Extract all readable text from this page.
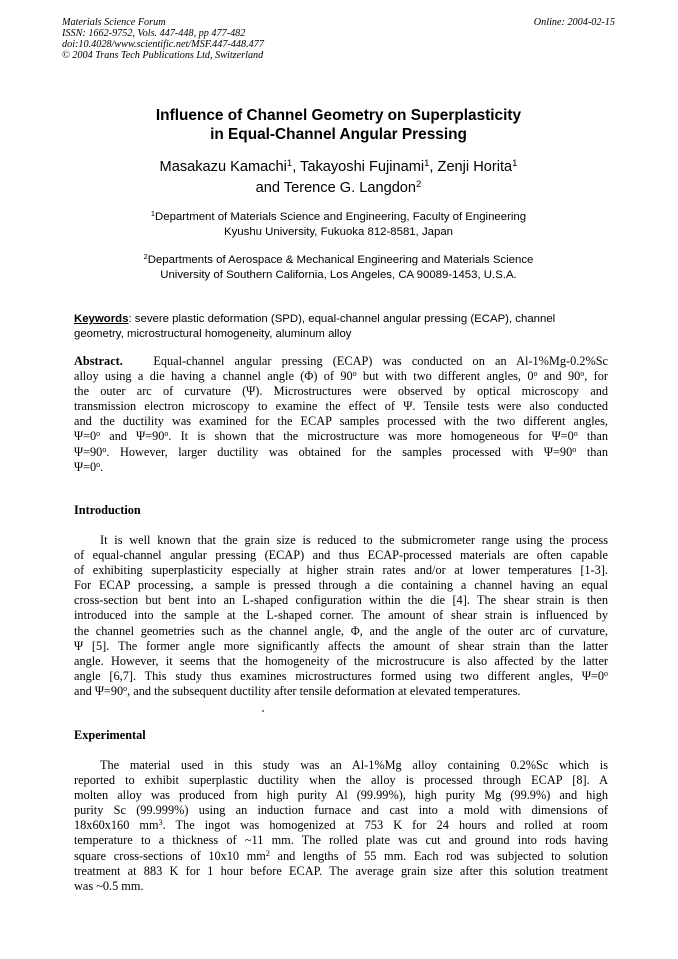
Materials Science Forum
ISSN: 1662-9752, Vols. 447-448, pp 477-482
doi:10.4028/www.scientific.net/MSF.447-448.477
© 2004 Trans Tech Publications Ltd, Switzerland
Online: 2004-02-15
Influence of Channel Geometry on Superplasticity
in Equal-Channel Angular Pressing
Masakazu Kamachi$^1$, Takayoshi Fujinami$^1$, Zenji Horita$^1$
and Terence G. Langdon$^2$
$^1$Department of Materials Science and Engineering, Faculty of Engineering
Kyushu University, Fukuoka 812-8581, Japan
$^2$Departments of Aerospace & Mechanical Engineering and Materials Science
University of Southern California, Los Angeles, CA 90089-1453, U.S.A.
Keywords: severe plastic deformation (SPD), equal-channel angular pressing (ECAP), channel
geometry, microstructural homogeneity, aluminum alloy
Abstract. Equal-channel angular pressing (ECAP) was conducted on an Al-1%Mg-0.2%Sc
alloy using a die having a channel angle (Φ) of 90$^o$ but with two different angles, 0$^o$ and 90$^o$, for
the outer arc of curvature (Ψ). Microstructures were observed by optical microscopy and
transmission electron microscopy to examine the effect of Ψ. Tensile tests were also conducted
and the ductility was examined for the ECAP samples processed with the two different angles,
$\Psi=0^o$ and $\Psi=90^o$. It is shown that the microstructure was more homogeneous for $\Psi=0^o$ than
$\Psi=90^o$. However, larger ductility was obtained for the samples processed with $\Psi=90^o$ than
$\Psi=0^o$.
Introduction
It is well known that the grain size is reduced to the submicrometer range using the process
of equal-channel angular pressing (ECAP) and thus ECAP-processed materials are often capable
of exhibiting superplasticity especially at higher strain rates and/or at lower temperatures [1-3].
For ECAP processing, a sample is pressed through a die containing a channel having an equal
cross-section but bent into an L-shaped configuration within the die [4]. The shear strain is then
introduced into the sample at the L-shaped corner. The amount of shear strain is influenced by
the channel geometries such as the channel angle, Φ, and the angle of the outer arc of curvature,
Ψ [5]. The former angle more significantly affects the amount of shear strain than the latter
angle. However, it seems that the homogeneity of the microstrucure is also affected by the latter
angle [6,7]. This study thus examines microstructures formed using two different angles, $\Psi=0^o$
and $\Psi=90^o$, and the subsequent ductility after tensile deformation at elevated temperatures.
Experimental
The material used in this study was an Al-1%Mg alloy containing 0.2%Sc which is
reported to exhibit superplastic ductility when the alloy is processed through ECAP [8]. A
molten alloy was produced from high purity Al (99.99%), high purity Mg (99.9%) and high
purity Sc (99.999%) using an induction furnace and cast into a mold with dimensions of
18x60x160 $mm^3$. The ingot was homogenized at 753 K for 24 hours and rolled at room
temperature to a thickness of ~11 mm. The rolled plate was cut and ground into rods having
square cross-sections of 10x10 $mm^2$ and lengths of 55 mm. Each rod was subjected to solution
treatment at 883 K for 1 hour before ECAP. The average grain size after this solution treatment
was ~0.5 mm.
